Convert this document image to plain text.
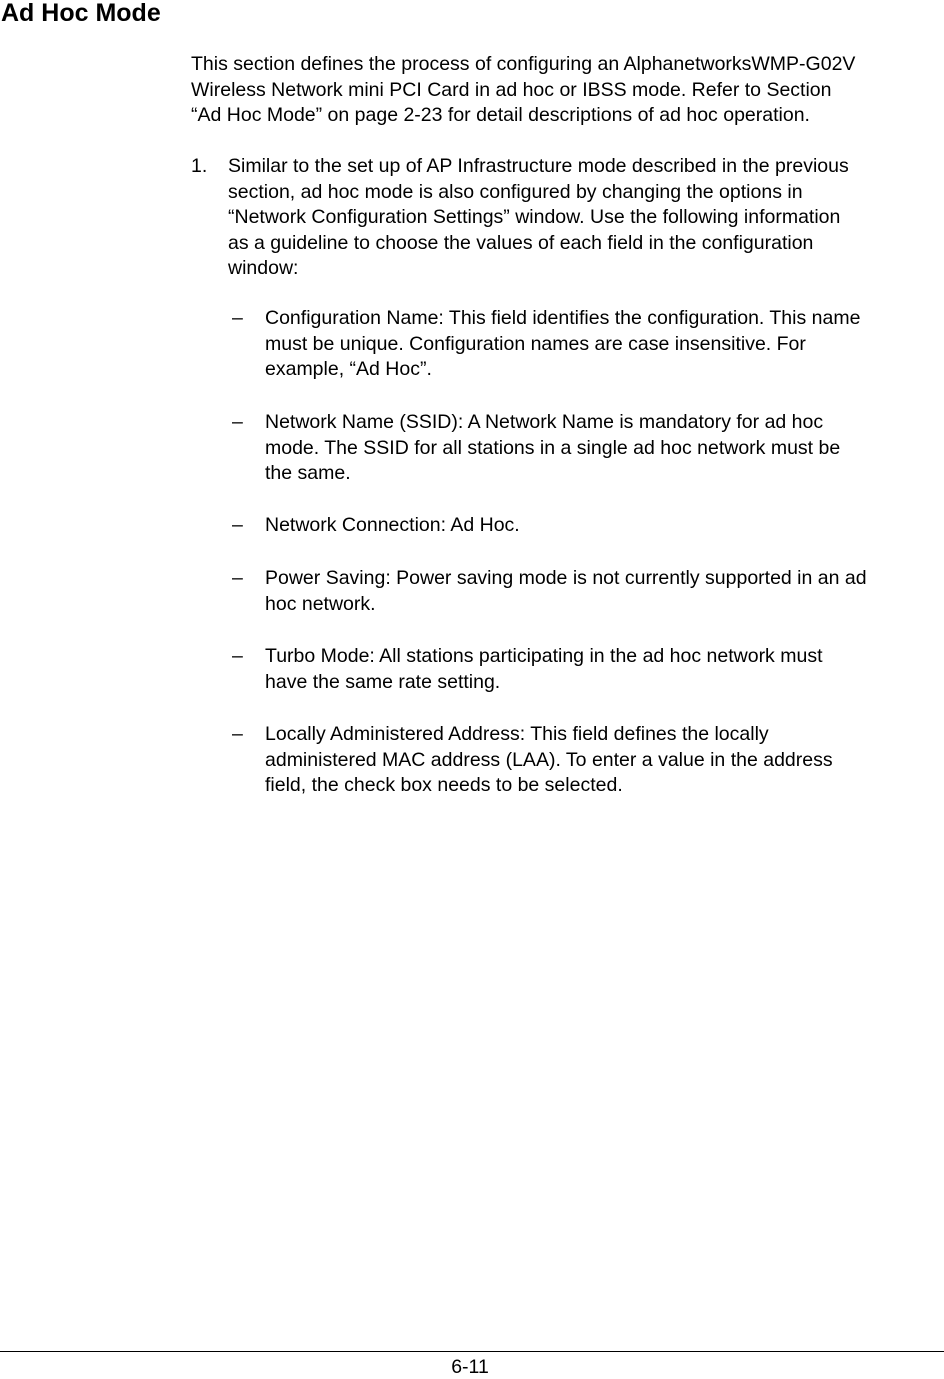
Ad Hoc Mode

This section defines the process of configuring an AlphanetworksWMP-G02V
Wireless Network mini PCI Card in ad hoc or IBSS mode. Refer to Section
“Ad Hoc Mode” on page 2-23 for detail descriptions of ad hoc operation.

1. Similar to the set up of AP Infrastructure mode described in the previous
section, ad hoc mode is also configured by changing the options in
“Network Configuration Settings” window. Use the following information
as a guideline to choose the values of each field in the configuration
window:

– Configuration Name: This field identifies the configuration. This name
must be unique. Configuration names are case insensitive. For
example, “Ad Hoc”.

– Network Name (SSID): A Network Name is mandatory for ad hoc
mode. The SSID for all stations in a single ad hoc network must be
the same.

– Network Connection: Ad Hoc.

– Power Saving: Power saving mode is not currently supported in an ad
hoc network.

– Turbo Mode: All stations participating in the ad hoc network must
have the same rate setting.

– Locally Administered Address: This field defines the locally
administered MAC address (LAA). To enter a value in the address
field, the check box needs to be selected.

6-11
